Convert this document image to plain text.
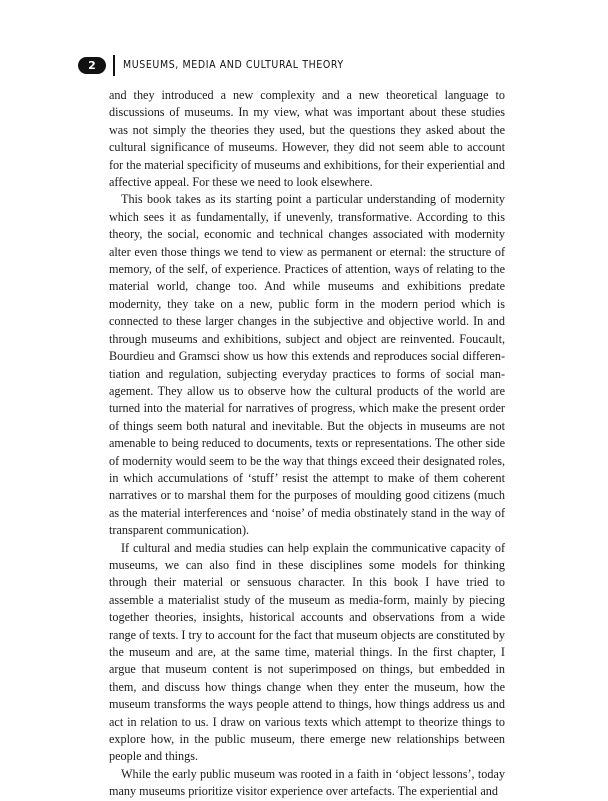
2	MUSEUMS, MEDIA AND CULTURAL THEORY

and they introduced a new complexity and a new theoretical language to discussions of museums. In my view, what was important about these studies was not simply the theories they used, but the questions they asked about the cultural significance of museums. However, they did not seem able to account for the material specificity of museums and exhibitions, for their experiential and affective appeal. For these we need to look elsewhere.

This book takes as its starting point a particular understanding of modernity which sees it as fundamentally, if unevenly, transformative. According to this theory, the social, economic and technical changes associated with modernity alter even those things we tend to view as permanent or eternal: the structure of memory, of the self, of experience. Practices of attention, ways of relating to the material world, change too. And while museums and exhibitions predate modernity, they take on a new, public form in the modern period which is connected to these larger changes in the subjective and objective world. In and through museums and exhibitions, subject and object are reinvented. Foucault, Bourdieu and Gramsci show us how this extends and reproduces social differentiation and regulation, subjecting everyday practices to forms of social management. They allow us to observe how the cultural products of the world are turned into the material for narratives of progress, which make the present order of things seem both natural and inevitable. But the objects in museums are not amenable to being reduced to documents, texts or representations. The other side of modernity would seem to be the way that things exceed their designated roles, in which accumulations of ‘stuff’ resist the attempt to make of them coherent narratives or to marshal them for the purposes of moulding good citizens (much as the material interferences and ‘noise’ of media obstinately stand in the way of transparent communication).

If cultural and media studies can help explain the communicative capacity of museums, we can also find in these disciplines some models for thinking through their material or sensuous character. In this book I have tried to assemble a materialist study of the museum as media-form, mainly by piecing together theories, insights, historical accounts and observations from a wide range of texts. I try to account for the fact that museum objects are constituted by the museum and are, at the same time, material things. In the first chapter, I argue that museum content is not superimposed on things, but embedded in them, and discuss how things change when they enter the museum, how the museum transforms the ways people attend to things, how things address us and act in relation to us. I draw on various texts which attempt to theorize things to explore how, in the public museum, there emerge new relationships between people and things.

While the early public museum was rooted in a faith in ‘object lessons’, today many museums prioritize visitor experience over artefacts. The experiential and
